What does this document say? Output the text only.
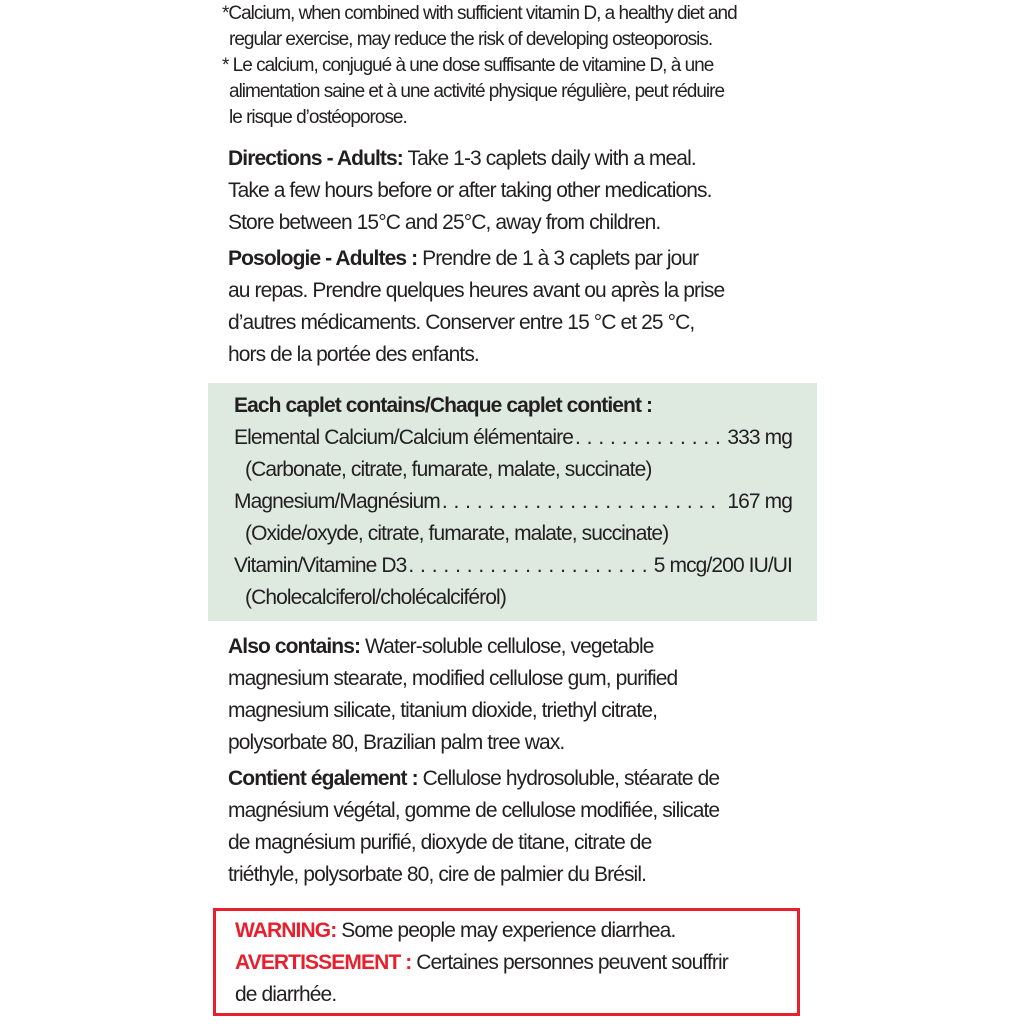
*Calcium, when combined with sufficient vitamin D, a healthy diet and
regular exercise, may reduce the risk of developing osteoporosis.
* Le calcium, conjugué à une dose suffisante de vitamine D, à une
alimentation saine et à une activité physique régulière, peut réduire
le risque d’ostéoporose.
Directions - Adults: Take 1-3 caplets daily with a meal.
Take a few hours before or after taking other medications.
Store between 15°C and 25°C, away from children.
Posologie - Adultes : Prendre de 1 à 3 caplets par jour
au repas. Prendre quelques heures avant ou après la prise
d’autres médicaments. Conserver entre 15 °C et 25 °C,
hors de la portée des enfants.
Each caplet contains/Chaque caplet contient :
Elemental Calcium/Calcium élémentaire . . .	333 mg
(Carbonate, citrate, fumarate, malate, succinate)
Magnesium/Magnésium . . .	167 mg
(Oxide/oxyde, citrate, fumarate, malate, succinate)
Vitamin/Vitamine D3 . . .	5 mcg/200 IU/UI
(Cholecalciferol/cholécalciférol)
Also contains: Water-soluble cellulose, vegetable
magnesium stearate, modified cellulose gum, purified
magnesium silicate, titanium dioxide, triethyl citrate,
polysorbate 80, Brazilian palm tree wax.
Contient également : Cellulose hydrosoluble, stéarate de
magnésium végétal, gomme de cellulose modifiée, silicate
de magnésium purifié, dioxyde de titane, citrate de
triéthyle, polysorbate 80, cire de palmier du Brésil.
WARNING: Some people may experience diarrhea.
AVERTISSEMENT : Certaines personnes peuvent souffrir
de diarrhée.
